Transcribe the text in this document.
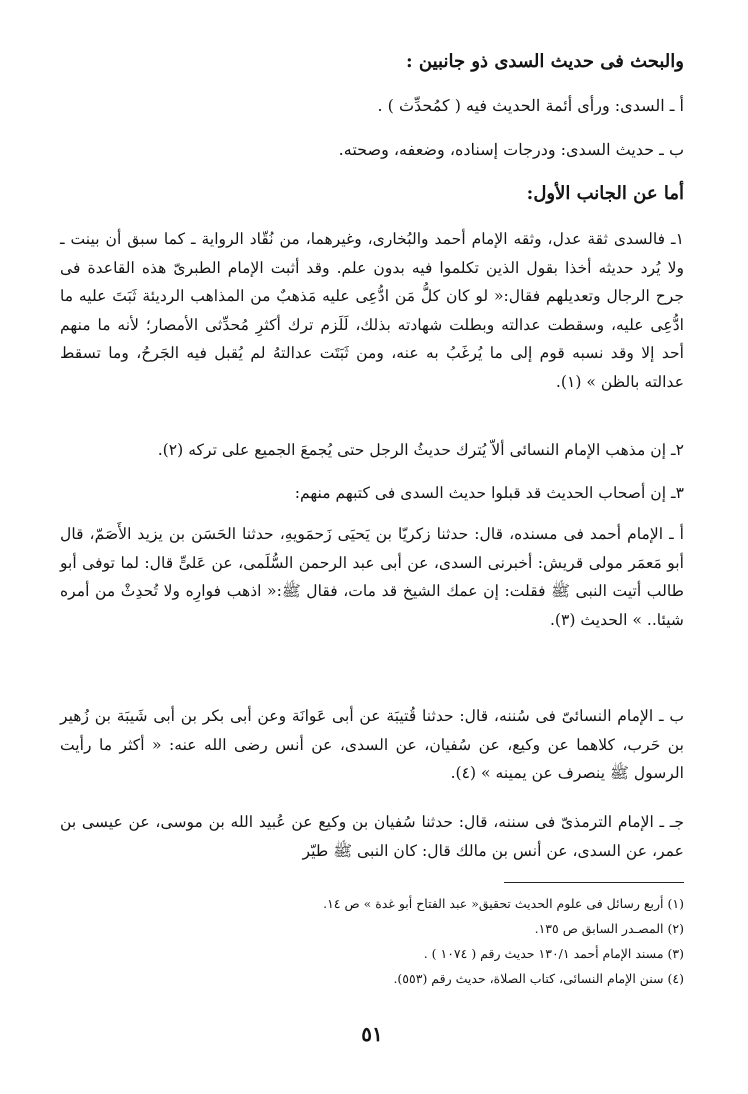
والبحث فى حديث السدى ذو جانبين :
أ ـ السدى: ورأى أئمة الحديث فيه ( كمُحدِّث ) .
ب ـ حديث السدى: ودرجات إسناده، وضعفه، وصحته.
أما عن الجانب الأول:
١ـ فالسدى ثقة عدل، وثقه الإمام أحمد والبُخارى، وغيرهما، من نُقّاد الرواية ـ كما سبق أن بينت ـ ولا يُرد حديثه أخذا بقول الذين تكلموا فيه بدون علم. وقد أثبت الإمام الطبرىّ هذه القاعدة فى جرح الرجال وتعديلهم فقال:« لو كان كلُّ مَن ادُّعِى عليه مَذهبٌ من المذاهب الرديئة ثَبَتَ عليه ما ادُّعِى عليه، وسقطت عدالته وبطلت شهادته بذلك، لَلَزم ترك أكثرِ مُحدِّثى الأمصار؛ لأنه ما منهم أحد إلا وقد نسبه قوم إلى ما يُرغَبُ به عنه، ومن ثَبَتَت عدالتهُ لم يُقبل فيه الجَرحُ، وما تسقط عدالته بالظن » (١).
٢ـ إن مذهب الإمام النسائى ألاّ يُترك حديثُ الرجل حتى يُجمعَ الجميع على تركه (٢).
٣ـ إن أصحاب الحديث قد قبلوا حديث السدى فى كتبهم منهم:
أ ـ الإمام أحمد فى مسنده، قال: حدثنا زكريّا بن يَحيَى زَحمَويهِ، حدثنا الحَسَن بن يزيد الأَصَمّ، قال أبو مَعمَر مولى قريش: أخبرنى السدى، عن أبى عبد الرحمن السُّلَمى، عن عَلىٍّ قال: لما توفى أبو طالب أتيت النبى ﷺ فقلت: إن عمك الشيخ قد مات، فقال ﷺ:« اذهب فوارِه ولا تُحدِثْ من أمره شيئا.. » الحديث (٣).
ب ـ الإمام النسائىّ فى سُننه، قال: حدثنا قُتيبَة عن أبى عَوانَة وعن أبى بكر بن أبى شَيبَة بن زُهير بن حَرب، كلاهما عن وكيع، عن سُفيان، عن السدى، عن أنس رضى الله عنه: « أكثر ما رأيت الرسول ﷺ ينصرف عن يمينه » (٤).
جـ ـ الإمام الترمذىّ فى سننه، قال: حدثنا سُفيان بن وكيع عن عُبيد الله بن موسى، عن عيسى بن عمر، عن السدى، عن أنس بن مالك قال: كان النبى ﷺ طيّر
(١) أربع رسائل فى علوم الحديث تحقيق« عبد الفتاح أبو غدة » ص ١٤.
(٢) المصـدر السابق ص ١٣٥.
(٣) مسند الإمام أحمد ١٣٠/١ حديث رقم ( ١٠٧٤ ) .
(٤) سنن الإمام النسائى، كتاب الصلاة، حديث رقم (٥٥٣).
٥١
